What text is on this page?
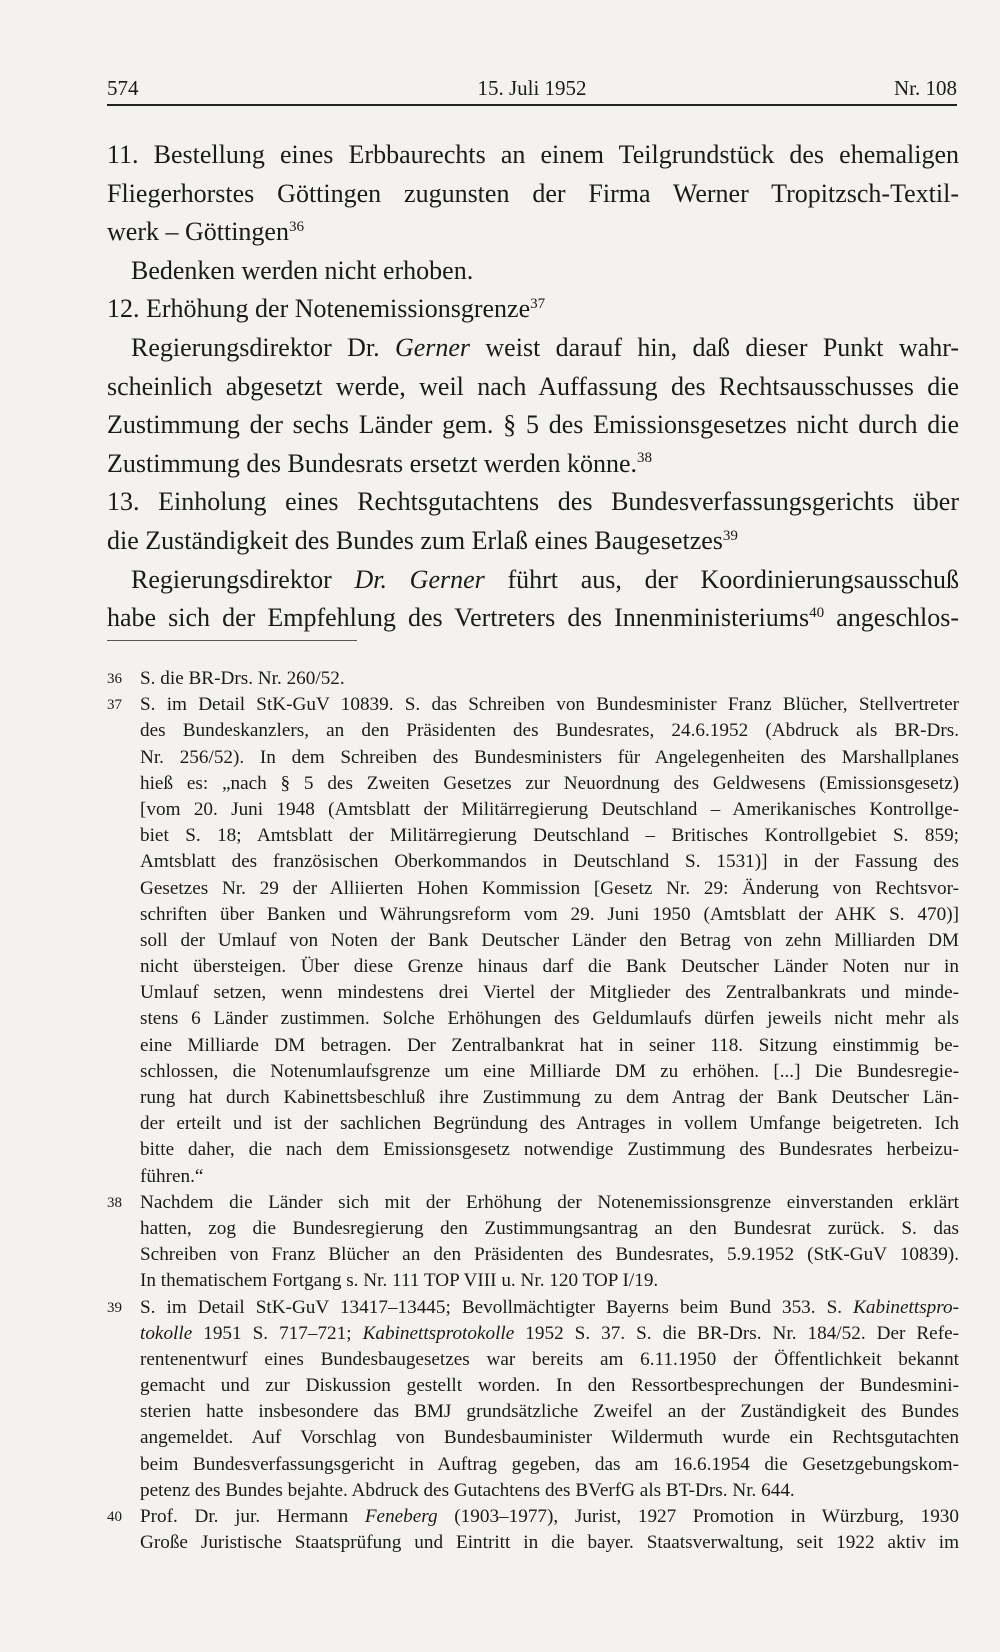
574	15. Juli 1952	Nr. 108
11. Bestellung eines Erbbaurechts an einem Teilgrundstück des ehemaligen
Fliegerhorstes Göttingen zugunsten der Firma Werner Tropitzsch-Textil-
werk – Göttingen$^{36}$
Bedenken werden nicht erhoben.
12. Erhöhung der Notenemissionsgrenze$^{37}$
Regierungsdirektor Dr. Gerner weist darauf hin, daß dieser Punkt wahr-
scheinlich abgesetzt werde, weil nach Auffassung des Rechtsausschusses die
Zustimmung der sechs Länder gem. § 5 des Emissionsgesetzes nicht durch die
Zustimmung des Bundesrats ersetzt werden könne.$^{38}$
13. Einholung eines Rechtsgutachtens des Bundesverfassungsgerichts über
die Zuständigkeit des Bundes zum Erlaß eines Baugesetzes$^{39}$
Regierungsdirektor Dr. Gerner führt aus, der Koordinierungsausschuß
habe sich der Empfehlung des Vertreters des Innenministeriums$^{40}$ angeschlos-
36 S. die BR-Drs. Nr. 260/52.
37 S. im Detail StK-GuV 10839. S. das Schreiben von Bundesminister Franz Blücher, Stellvertreter
des Bundeskanzlers, an den Präsidenten des Bundesrates, 24.6.1952 (Abdruck als BR-Drs.
Nr. 256/52). In dem Schreiben des Bundesministers für Angelegenheiten des Marshallplanes
hieß es: „nach § 5 des Zweiten Gesetzes zur Neuordnung des Geldwesens (Emissionsgesetz)
[vom 20. Juni 1948 (Amtsblatt der Militärregierung Deutschland – Amerikanisches Kontrollge-
biet S. 18; Amtsblatt der Militärregierung Deutschland – Britisches Kontrollgebiet S. 859;
Amtsblatt des französischen Oberkommandos in Deutschland S. 1531)] in der Fassung des
Gesetzes Nr. 29 der Alliierten Hohen Kommission [Gesetz Nr. 29: Änderung von Rechtsvor-
schriften über Banken und Währungsreform vom 29. Juni 1950 (Amtsblatt der AHK S. 470)]
soll der Umlauf von Noten der Bank Deutscher Länder den Betrag von zehn Milliarden DM
nicht übersteigen. Über diese Grenze hinaus darf die Bank Deutscher Länder Noten nur in
Umlauf setzen, wenn mindestens drei Viertel der Mitglieder des Zentralbankrats und minde-
stens 6 Länder zustimmen. Solche Erhöhungen des Geldumlaufs dürfen jeweils nicht mehr als
eine Milliarde DM betragen. Der Zentralbankrat hat in seiner 118. Sitzung einstimmig be-
schlossen, die Notenumlaufsgrenze um eine Milliarde DM zu erhöhen. [...] Die Bundesregie-
rung hat durch Kabinettsbeschluß ihre Zustimmung zu dem Antrag der Bank Deutscher Län-
der erteilt und ist der sachlichen Begründung des Antrages in vollem Umfange beigetreten. Ich
bitte daher, die nach dem Emissionsgesetz notwendige Zustimmung des Bundesrates herbeizu-
führen.“
38 Nachdem die Länder sich mit der Erhöhung der Notenemissionsgrenze einverstanden erklärt
hatten, zog die Bundesregierung den Zustimmungsantrag an den Bundesrat zurück. S. das
Schreiben von Franz Blücher an den Präsidenten des Bundesrates, 5.9.1952 (StK-GuV 10839).
In thematischem Fortgang s. Nr. 111 TOP VIII u. Nr. 120 TOP I/19.
39 S. im Detail StK-GuV 13417–13445; Bevollmächtigter Bayerns beim Bund 353. S. Kabinettspro-
tokolle 1951 S. 717–721; Kabinettsprotokolle 1952 S. 37. S. die BR-Drs. Nr. 184/52. Der Refe-
rentenentwurf eines Bundesbaugesetzes war bereits am 6.11.1950 der Öffentlichkeit bekannt
gemacht und zur Diskussion gestellt worden. In den Ressortbesprechungen der Bundesmini-
sterien hatte insbesondere das BMJ grundsätzliche Zweifel an der Zuständigkeit des Bundes
angemeldet. Auf Vorschlag von Bundesbauminister Wildermuth wurde ein Rechtsgutachten
beim Bundesverfassungsgericht in Auftrag gegeben, das am 16.6.1954 die Gesetzgebungskom-
petenz des Bundes bejahte. Abdruck des Gutachtens des BVerfG als BT-Drs. Nr. 644.
40 Prof. Dr. jur. Hermann Feneberg (1903–1977), Jurist, 1927 Promotion in Würzburg, 1930
Große Juristische Staatsprüfung und Eintritt in die bayer. Staatsverwaltung, seit 1922 aktiv im
